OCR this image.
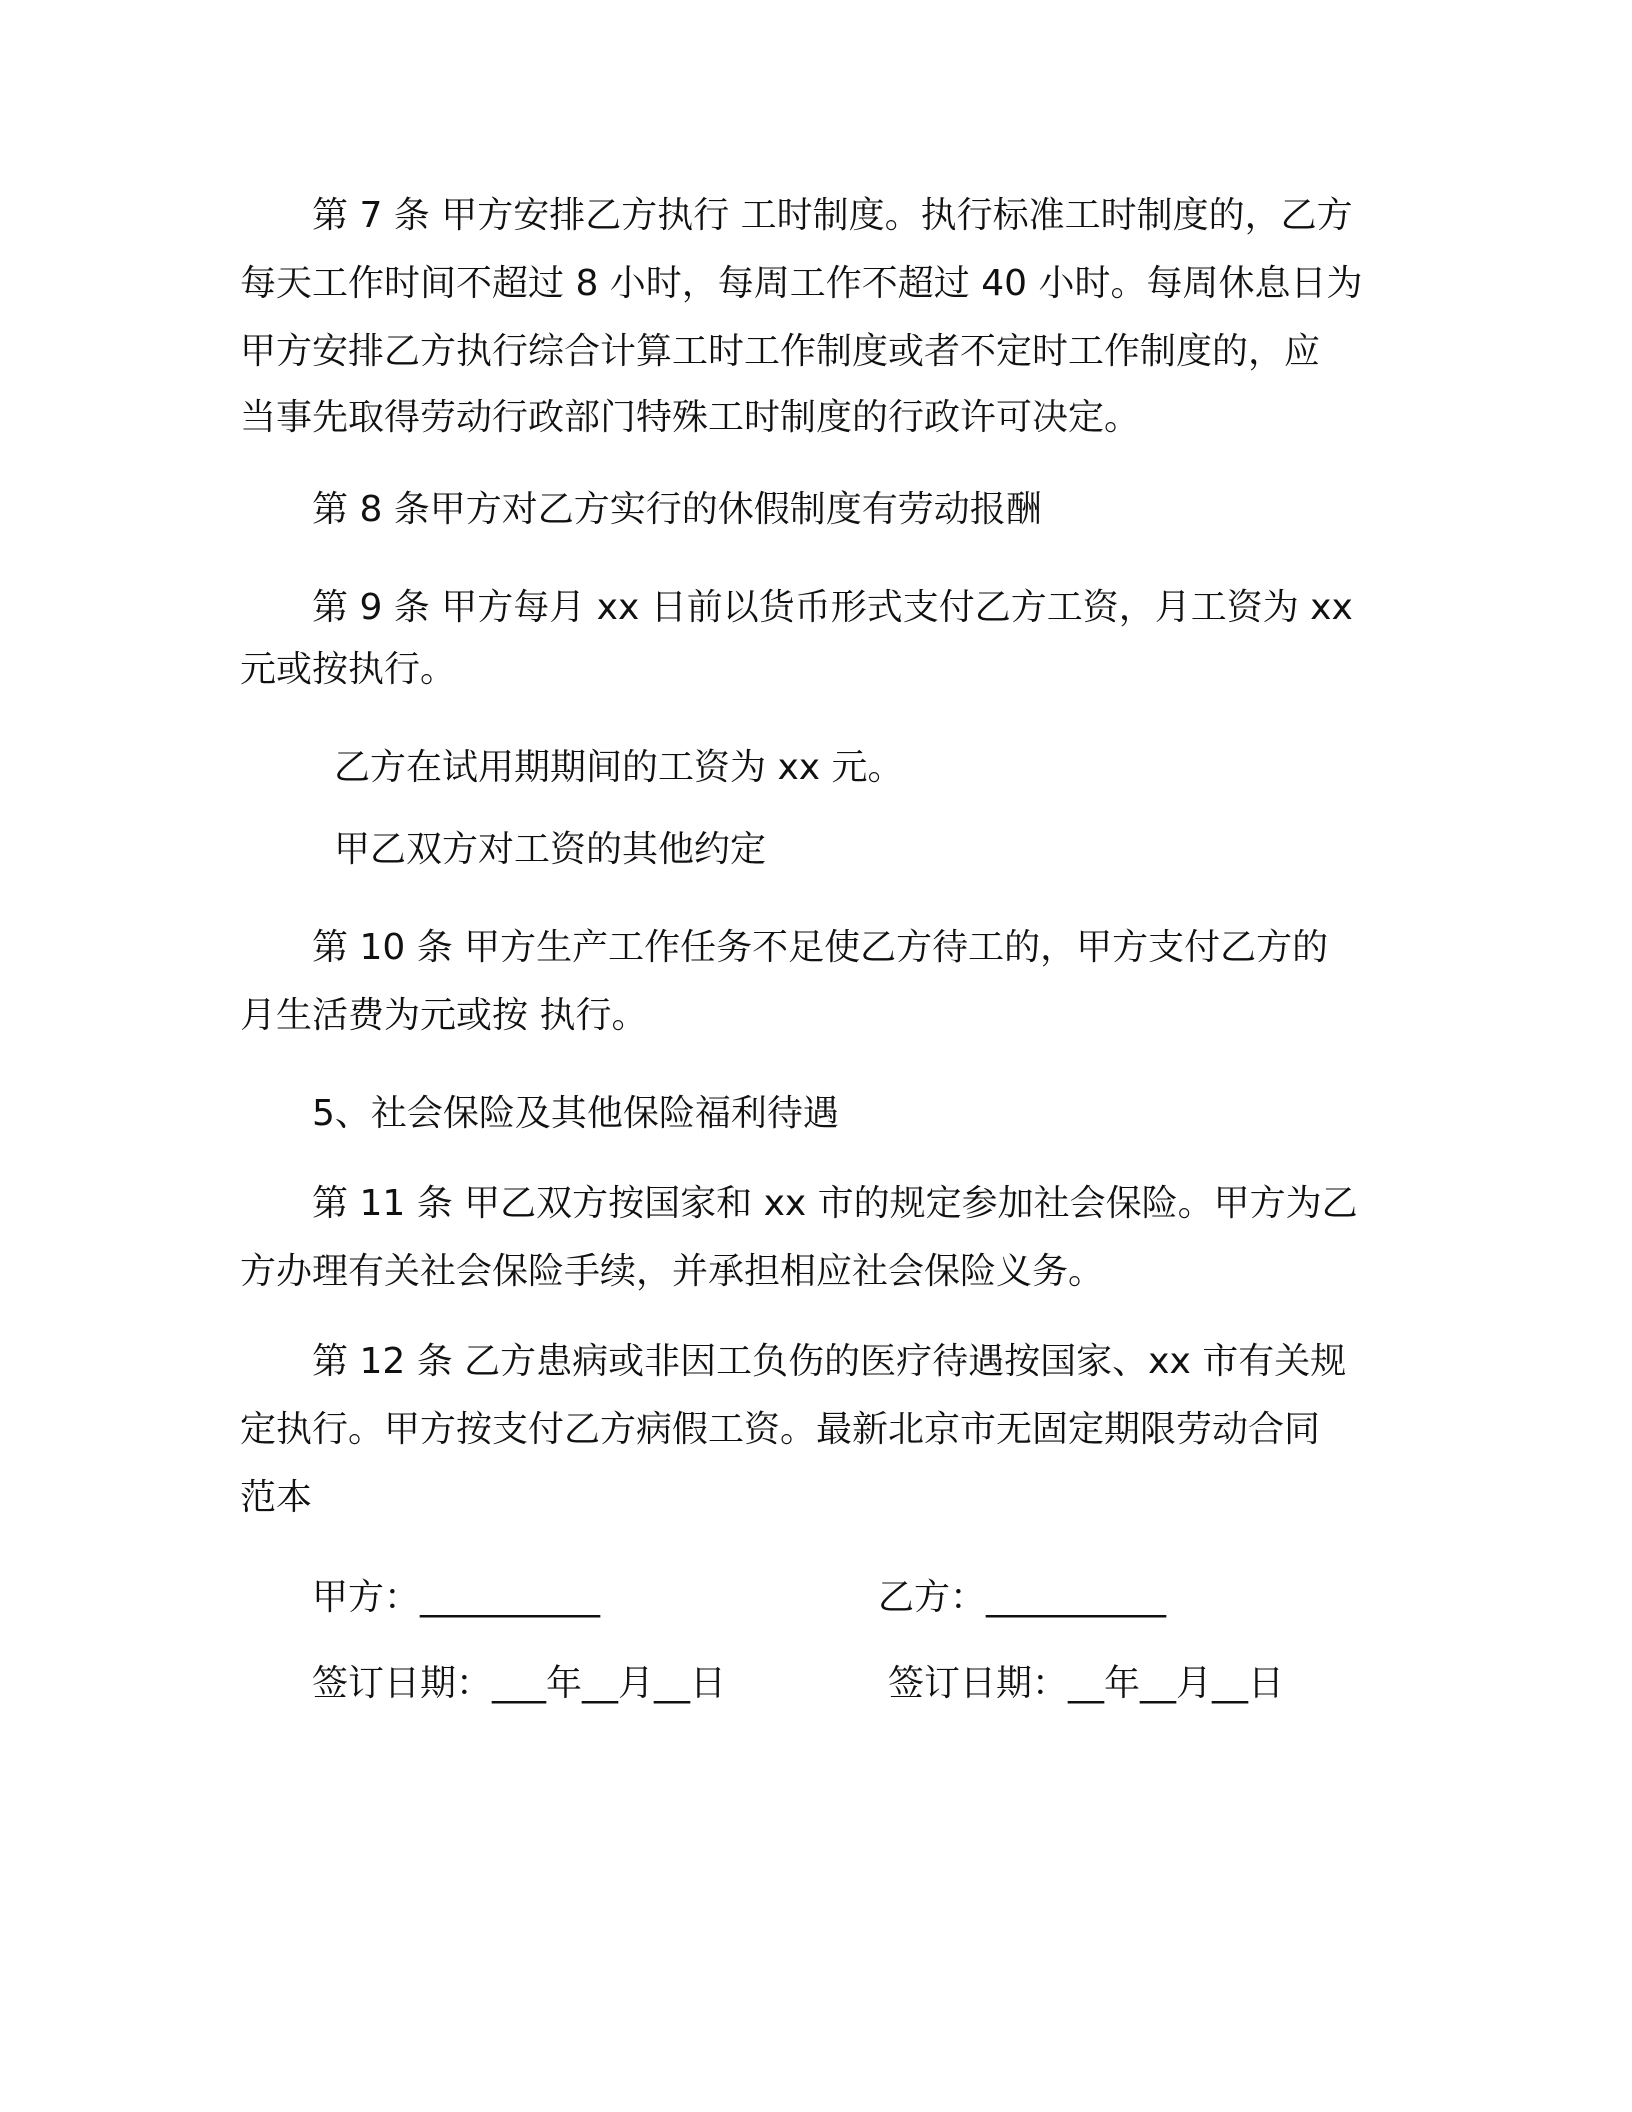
第 7 条 甲方安排乙方执行 工时制度。执行标准工时制度的，乙方
每天工作时间不超过 8 小时，每周工作不超过 40 小时。每周休息日为
甲方安排乙方执行综合计算工时工作制度或者不定时工作制度的，应
当事先取得劳动行政部门特殊工时制度的行政许可决定。
第 8 条甲方对乙方实行的休假制度有劳动报酬
第 9 条 甲方每月 xx 日前以货币形式支付乙方工资，月工资为 xx
元或按执行。
乙方在试用期期间的工资为 xx 元。
甲乙双方对工资的其他约定
第 10 条 甲方生产工作任务不足使乙方待工的，甲方支付乙方的
月生活费为元或按 执行。
5、社会保险及其他保险福利待遇
第 11 条 甲乙双方按国家和 xx 市的规定参加社会保险。甲方为乙
方办理有关社会保险手续，并承担相应社会保险义务。
第 12 条 乙方患病或非因工负伤的医疗待遇按国家、xx 市有关规
定执行。甲方按支付乙方病假工资。最新北京市无固定期限劳动合同
范本
甲方：__________	乙方：__________
签订日期：___年__月__日	签订日期：__年__月__日
